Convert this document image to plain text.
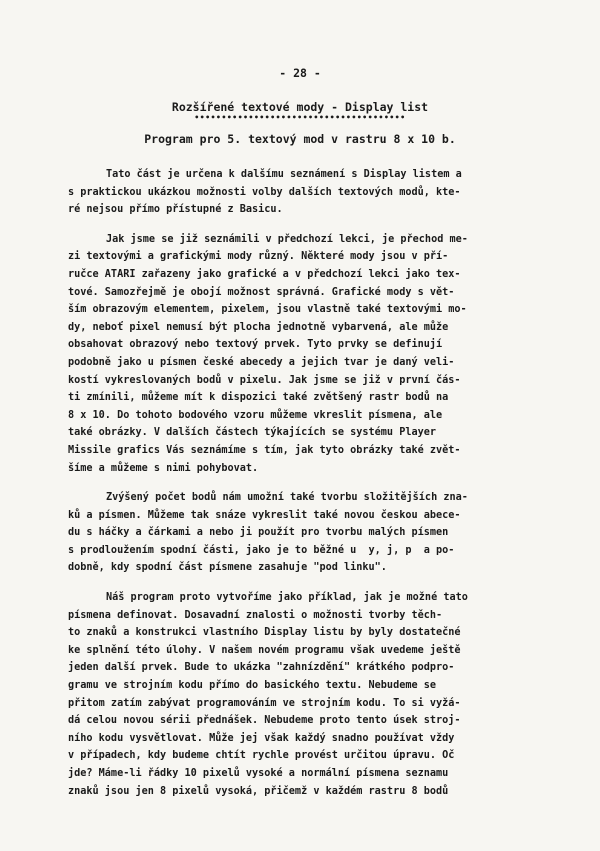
- 28 -
Rozšířené textové mody - Display list
•••••••••••••••••••••••••••••••••••••••
Program pro 5. textový mod v rastru 8 x 10 b.
Tato část je určena k dalšímu seznámení s Display listem a
s praktickou ukázkou možnosti volby dalších textových modů, kte-
ré nejsou přímo přístupné z Basicu.
Jak jsme se již seznámili v předchozí lekci, je přechod me-
zi textovými a grafickými mody různý. Některé mody jsou v pří-
ručce ATARI zařazeny jako grafické a v předchozí lekci jako tex-
tové. Samozřejmě je obojí možnost správná. Grafické mody s vět-
ším obrazovým elementem, pixelem, jsou vlastně také textovými mo-
dy, neboť pixel nemusí být plocha jednotně vybarvená, ale může
obsahovat obrazový nebo textový prvek. Tyto prvky se definují
podobně jako u písmen české abecedy a jejich tvar je daný veli-
kostí vykreslovaných bodů v pixelu. Jak jsme se již v první čás-
ti zmínili, můžeme mít k dispozici také zvětšený rastr bodů na
8 x 10. Do tohoto bodového vzoru můžeme vkreslit písmena, ale
také obrázky. V dalších částech týkajících se systému Player
Missile grafics Vás seznámíme s tím, jak tyto obrázky také zvět-
šíme a můžeme s nimi pohybovat.
Zvýšený počet bodů nám umožní také tvorbu složitějších zna-
ků a písmen. Můžeme tak snáze vykreslit také novou českou abece-
du s háčky a čárkami a nebo ji použít pro tvorbu malých písmen
s prodloužením spodní části, jako je to běžné u  y, j, p  a po-
dobně, kdy spodní část písmene zasahuje "pod linku".
Náš program proto vytvoříme jako příklad, jak je možné tato
písmena definovat. Dosavadní znalosti o možnosti tvorby těch-
to znaků a konstrukci vlastního Display listu by byly dostatečné
ke splnění této úlohy. V našem novém programu však uvedeme ještě
jeden další prvek. Bude to ukázka "zahnízdění" krátkého podpro-
gramu ve strojním kodu přímo do basického textu. Nebudeme se
přitom zatím zabývat programováním ve strojním kodu. To si vyžá-
dá celou novou sérii přednášek. Nebudeme proto tento úsek stroj-
ního kodu vysvětlovat. Může jej však každý snadno používat vždy
v případech, kdy budeme chtít rychle provést určitou úpravu. Oč
jde? Máme-li řádky 10 pixelů vysoké a normální písmena seznamu
znaků jsou jen 8 pixelů vysoká, přičemž v každém rastru 8 bodů
